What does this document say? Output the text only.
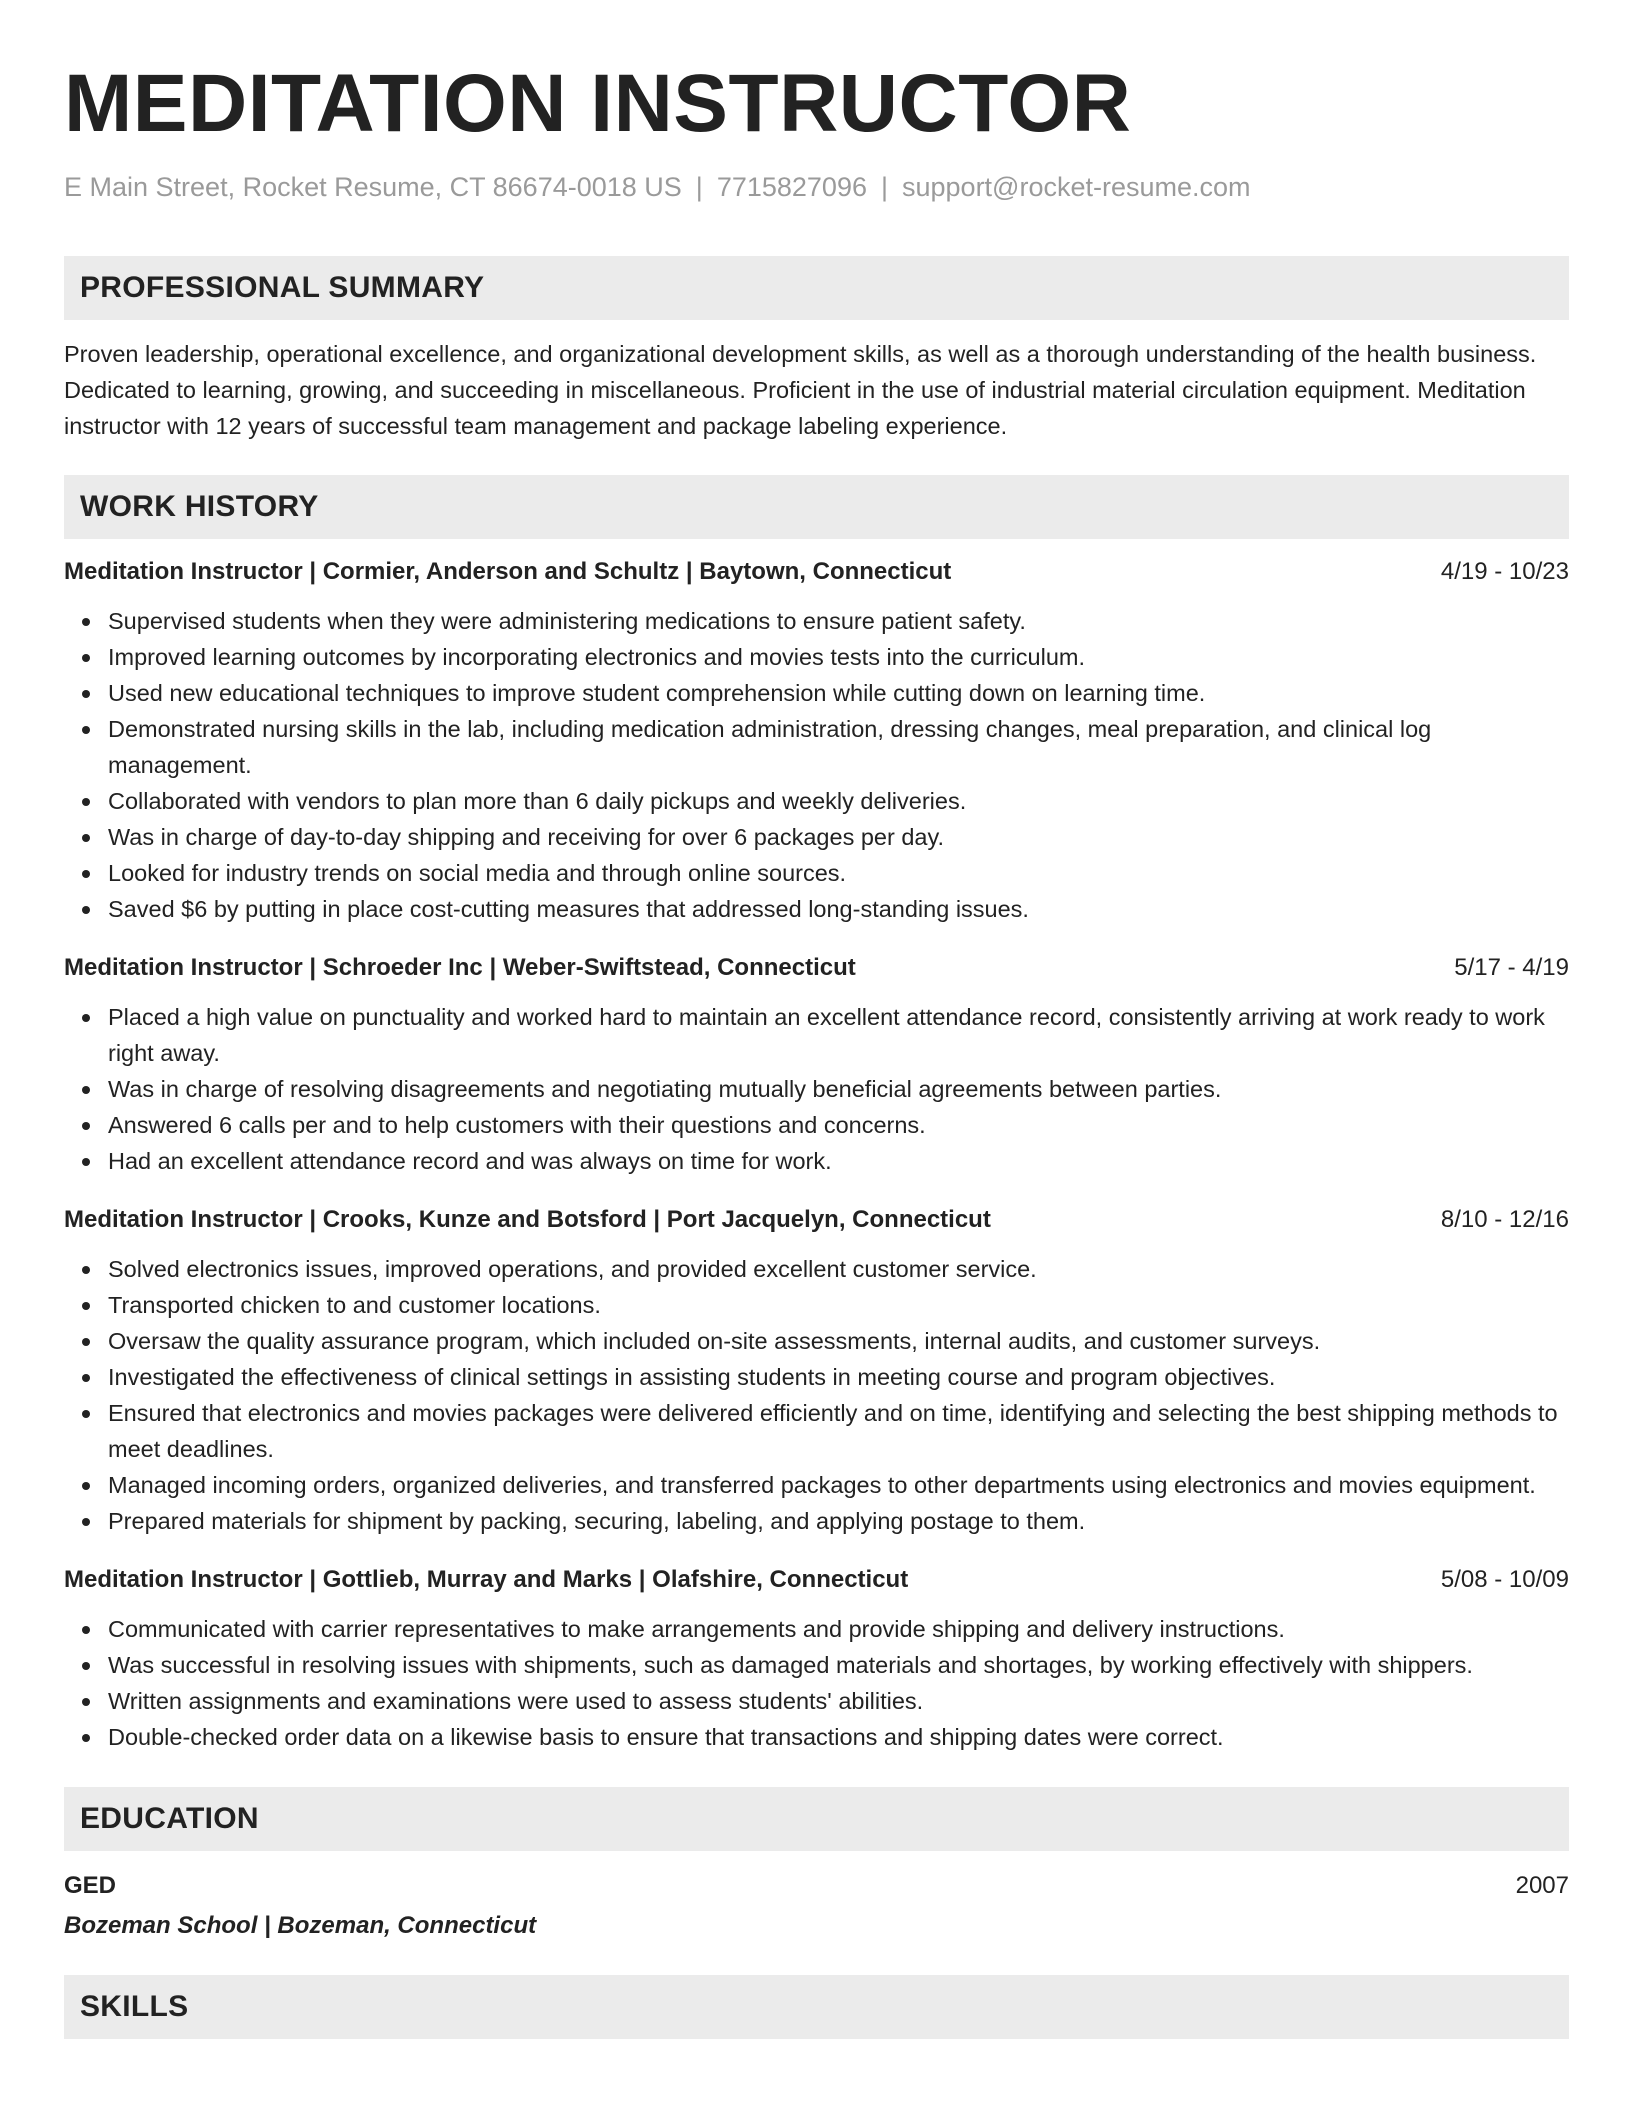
MEDITATION INSTRUCTOR
E Main Street, Rocket Resume, CT 86674-0018 US | 7715827096 | support@rocket-resume.com
PROFESSIONAL SUMMARY

Proven leadership, operational excellence, and organizational development skills, as well as a thorough understanding of the health business. Dedicated to learning, growing, and succeeding in miscellaneous. Proficient in the use of industrial material circulation equipment. Meditation instructor with 12 years of successful team management and package labeling experience.

WORK HISTORY
Meditation Instructor | Cormier, Anderson and Schultz | Baytown, Connecticut	4/19 - 10/23
Supervised students when they were administering medications to ensure patient safety.
Improved learning outcomes by incorporating electronics and movies tests into the curriculum.
Used new educational techniques to improve student comprehension while cutting down on learning time.
Demonstrated nursing skills in the lab, including medication administration, dressing changes, meal preparation, and clinical log management.
Collaborated with vendors to plan more than 6 daily pickups and weekly deliveries.
Was in charge of day-to-day shipping and receiving for over 6 packages per day.
Looked for industry trends on social media and through online sources.
Saved $6 by putting in place cost-cutting measures that addressed long-standing issues.
Meditation Instructor | Schroeder Inc | Weber-Swiftstead, Connecticut	5/17 - 4/19
Placed a high value on punctuality and worked hard to maintain an excellent attendance record, consistently arriving at work ready to work right away.
Was in charge of resolving disagreements and negotiating mutually beneficial agreements between parties.
Answered 6 calls per and to help customers with their questions and concerns.
Had an excellent attendance record and was always on time for work.
Meditation Instructor | Crooks, Kunze and Botsford | Port Jacquelyn, Connecticut	8/10 - 12/16
Solved electronics issues, improved operations, and provided excellent customer service.
Transported chicken to and customer locations.
Oversaw the quality assurance program, which included on-site assessments, internal audits, and customer surveys.
Investigated the effectiveness of clinical settings in assisting students in meeting course and program objectives.
Ensured that electronics and movies packages were delivered efficiently and on time, identifying and selecting the best shipping methods to meet deadlines.
Managed incoming orders, organized deliveries, and transferred packages to other departments using electronics and movies equipment.
Prepared materials for shipment by packing, securing, labeling, and applying postage to them.
Meditation Instructor | Gottlieb, Murray and Marks | Olafshire, Connecticut	5/08 - 10/09
Communicated with carrier representatives to make arrangements and provide shipping and delivery instructions.
Was successful in resolving issues with shipments, such as damaged materials and shortages, by working effectively with shippers.
Written assignments and examinations were used to assess students' abilities.
Double-checked order data on a likewise basis to ensure that transactions and shipping dates were correct.
EDUCATION
GED	2007
Bozeman School | Bozeman, Connecticut
SKILLS
